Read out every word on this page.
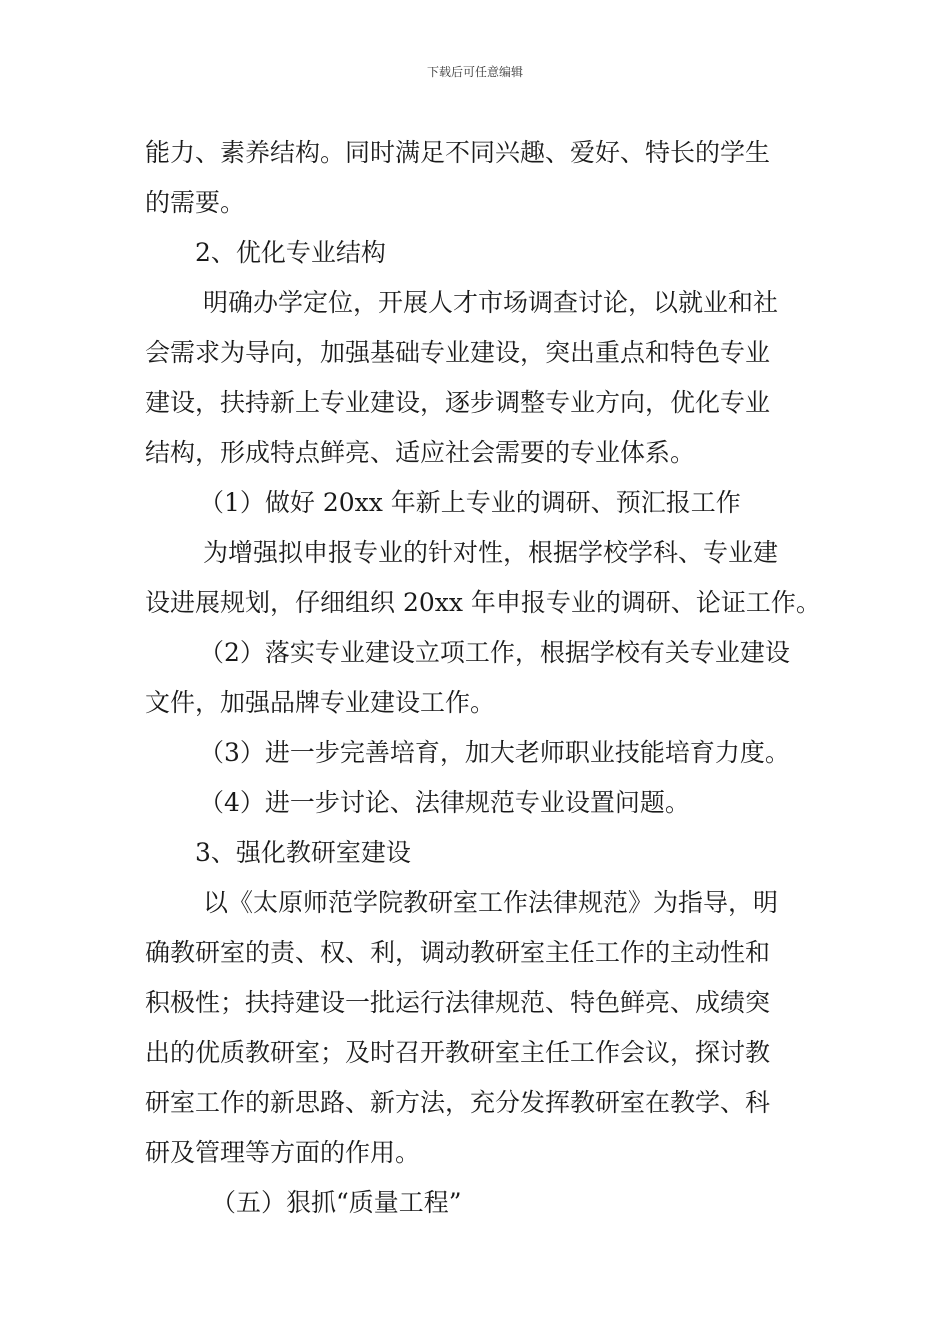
下载后可任意编辑
能力、素养结构。同时满足不同兴趣、爱好、特长的学生
的需要。
2、优化专业结构
明确办学定位，开展人才市场调查讨论，以就业和社
会需求为导向，加强基础专业建设，突出重点和特色专业
建设，扶持新上专业建设，逐步调整专业方向，优化专业
结构，形成特点鲜亮、适应社会需要的专业体系。
（1）做好 20xx 年新上专业的调研、预汇报工作
为增强拟申报专业的针对性，根据学校学科、专业建
设进展规划，仔细组织 20xx 年申报专业的调研、论证工作。
（2）落实专业建设立项工作，根据学校有关专业建设
文件，加强品牌专业建设工作。
（3）进一步完善培育，加大老师职业技能培育力度。
（4）进一步讨论、法律规范专业设置问题。
3、强化教研室建设
以《太原师范学院教研室工作法律规范》为指导，明
确教研室的责、权、利，调动教研室主任工作的主动性和
积极性；扶持建设一批运行法律规范、特色鲜亮、成绩突
出的优质教研室；及时召开教研室主任工作会议，探讨教
研室工作的新思路、新方法，充分发挥教研室在教学、科
研及管理等方面的作用。
（五）狠抓“质量工程”
